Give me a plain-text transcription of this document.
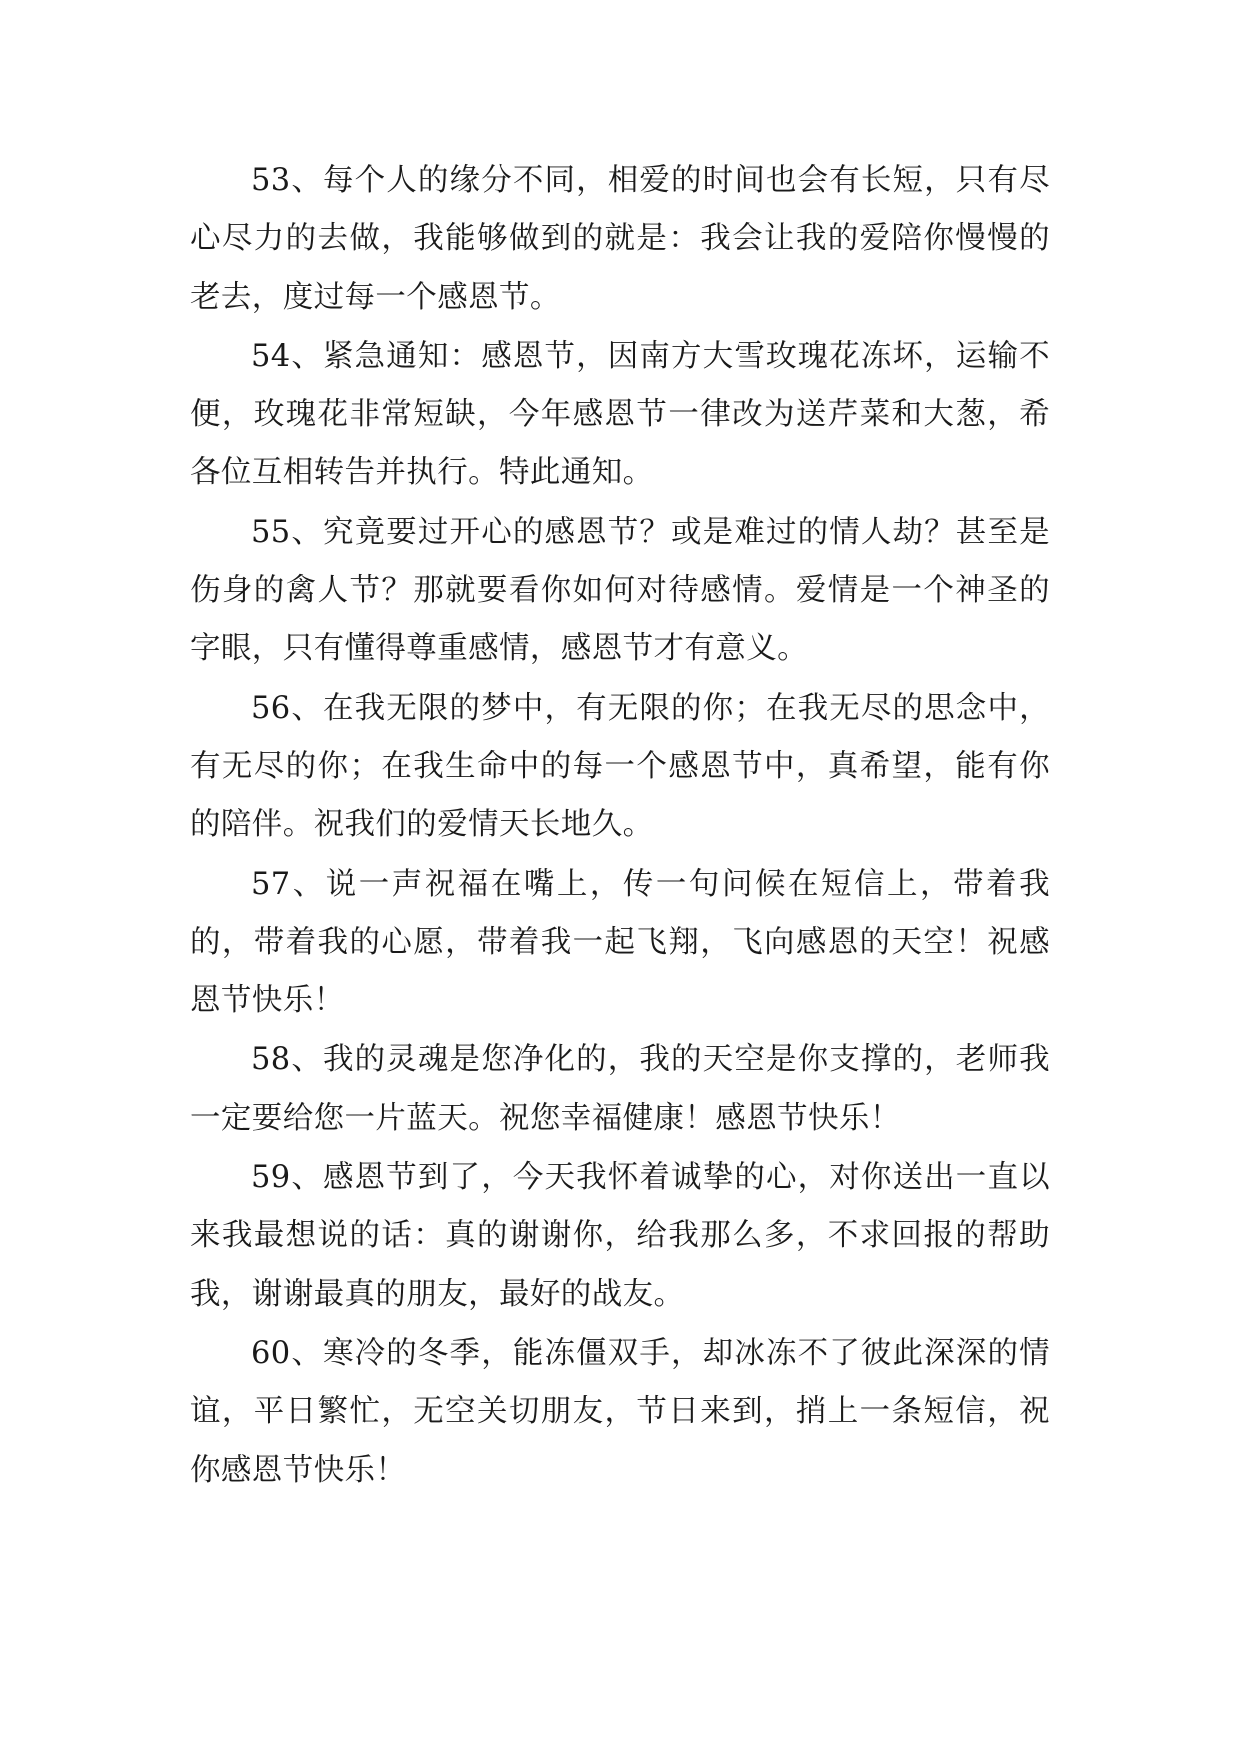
53、每个人的缘分不同，相爱的时间也会有长短，只有尽心尽力的去做，我能够做到的就是：我会让我的爱陪你慢慢的老去，度过每一个感恩节。

54、紧急通知：感恩节，因南方大雪玫瑰花冻坏，运输不便，玫瑰花非常短缺，今年感恩节一律改为送芹菜和大葱，希各位互相转告并执行。特此通知。

55、究竟要过开心的感恩节？或是难过的情人劫？甚至是伤身的禽人节？那就要看你如何对待感情。爱情是一个神圣的字眼，只有懂得尊重感情，感恩节才有意义。

56、在我无限的梦中，有无限的你；在我无尽的思念中，有无尽的你；在我生命中的每一个感恩节中，真希望，能有你的陪伴。祝我们的爱情天长地久。

57、说一声祝福在嘴上，传一句问候在短信上，带着我的，带着我的心愿，带着我一起飞翔，飞向感恩的天空！祝感恩节快乐！

58、我的灵魂是您净化的，我的天空是你支撑的，老师我一定要给您一片蓝天。祝您幸福健康！感恩节快乐！

59、感恩节到了，今天我怀着诚挚的心，对你送出一直以来我最想说的话：真的谢谢你，给我那么多，不求回报的帮助我，谢谢最真的朋友，最好的战友。

60、寒冷的冬季，能冻僵双手，却冰冻不了彼此深深的情谊，平日繁忙，无空关切朋友，节日来到，捎上一条短信，祝你感恩节快乐！
